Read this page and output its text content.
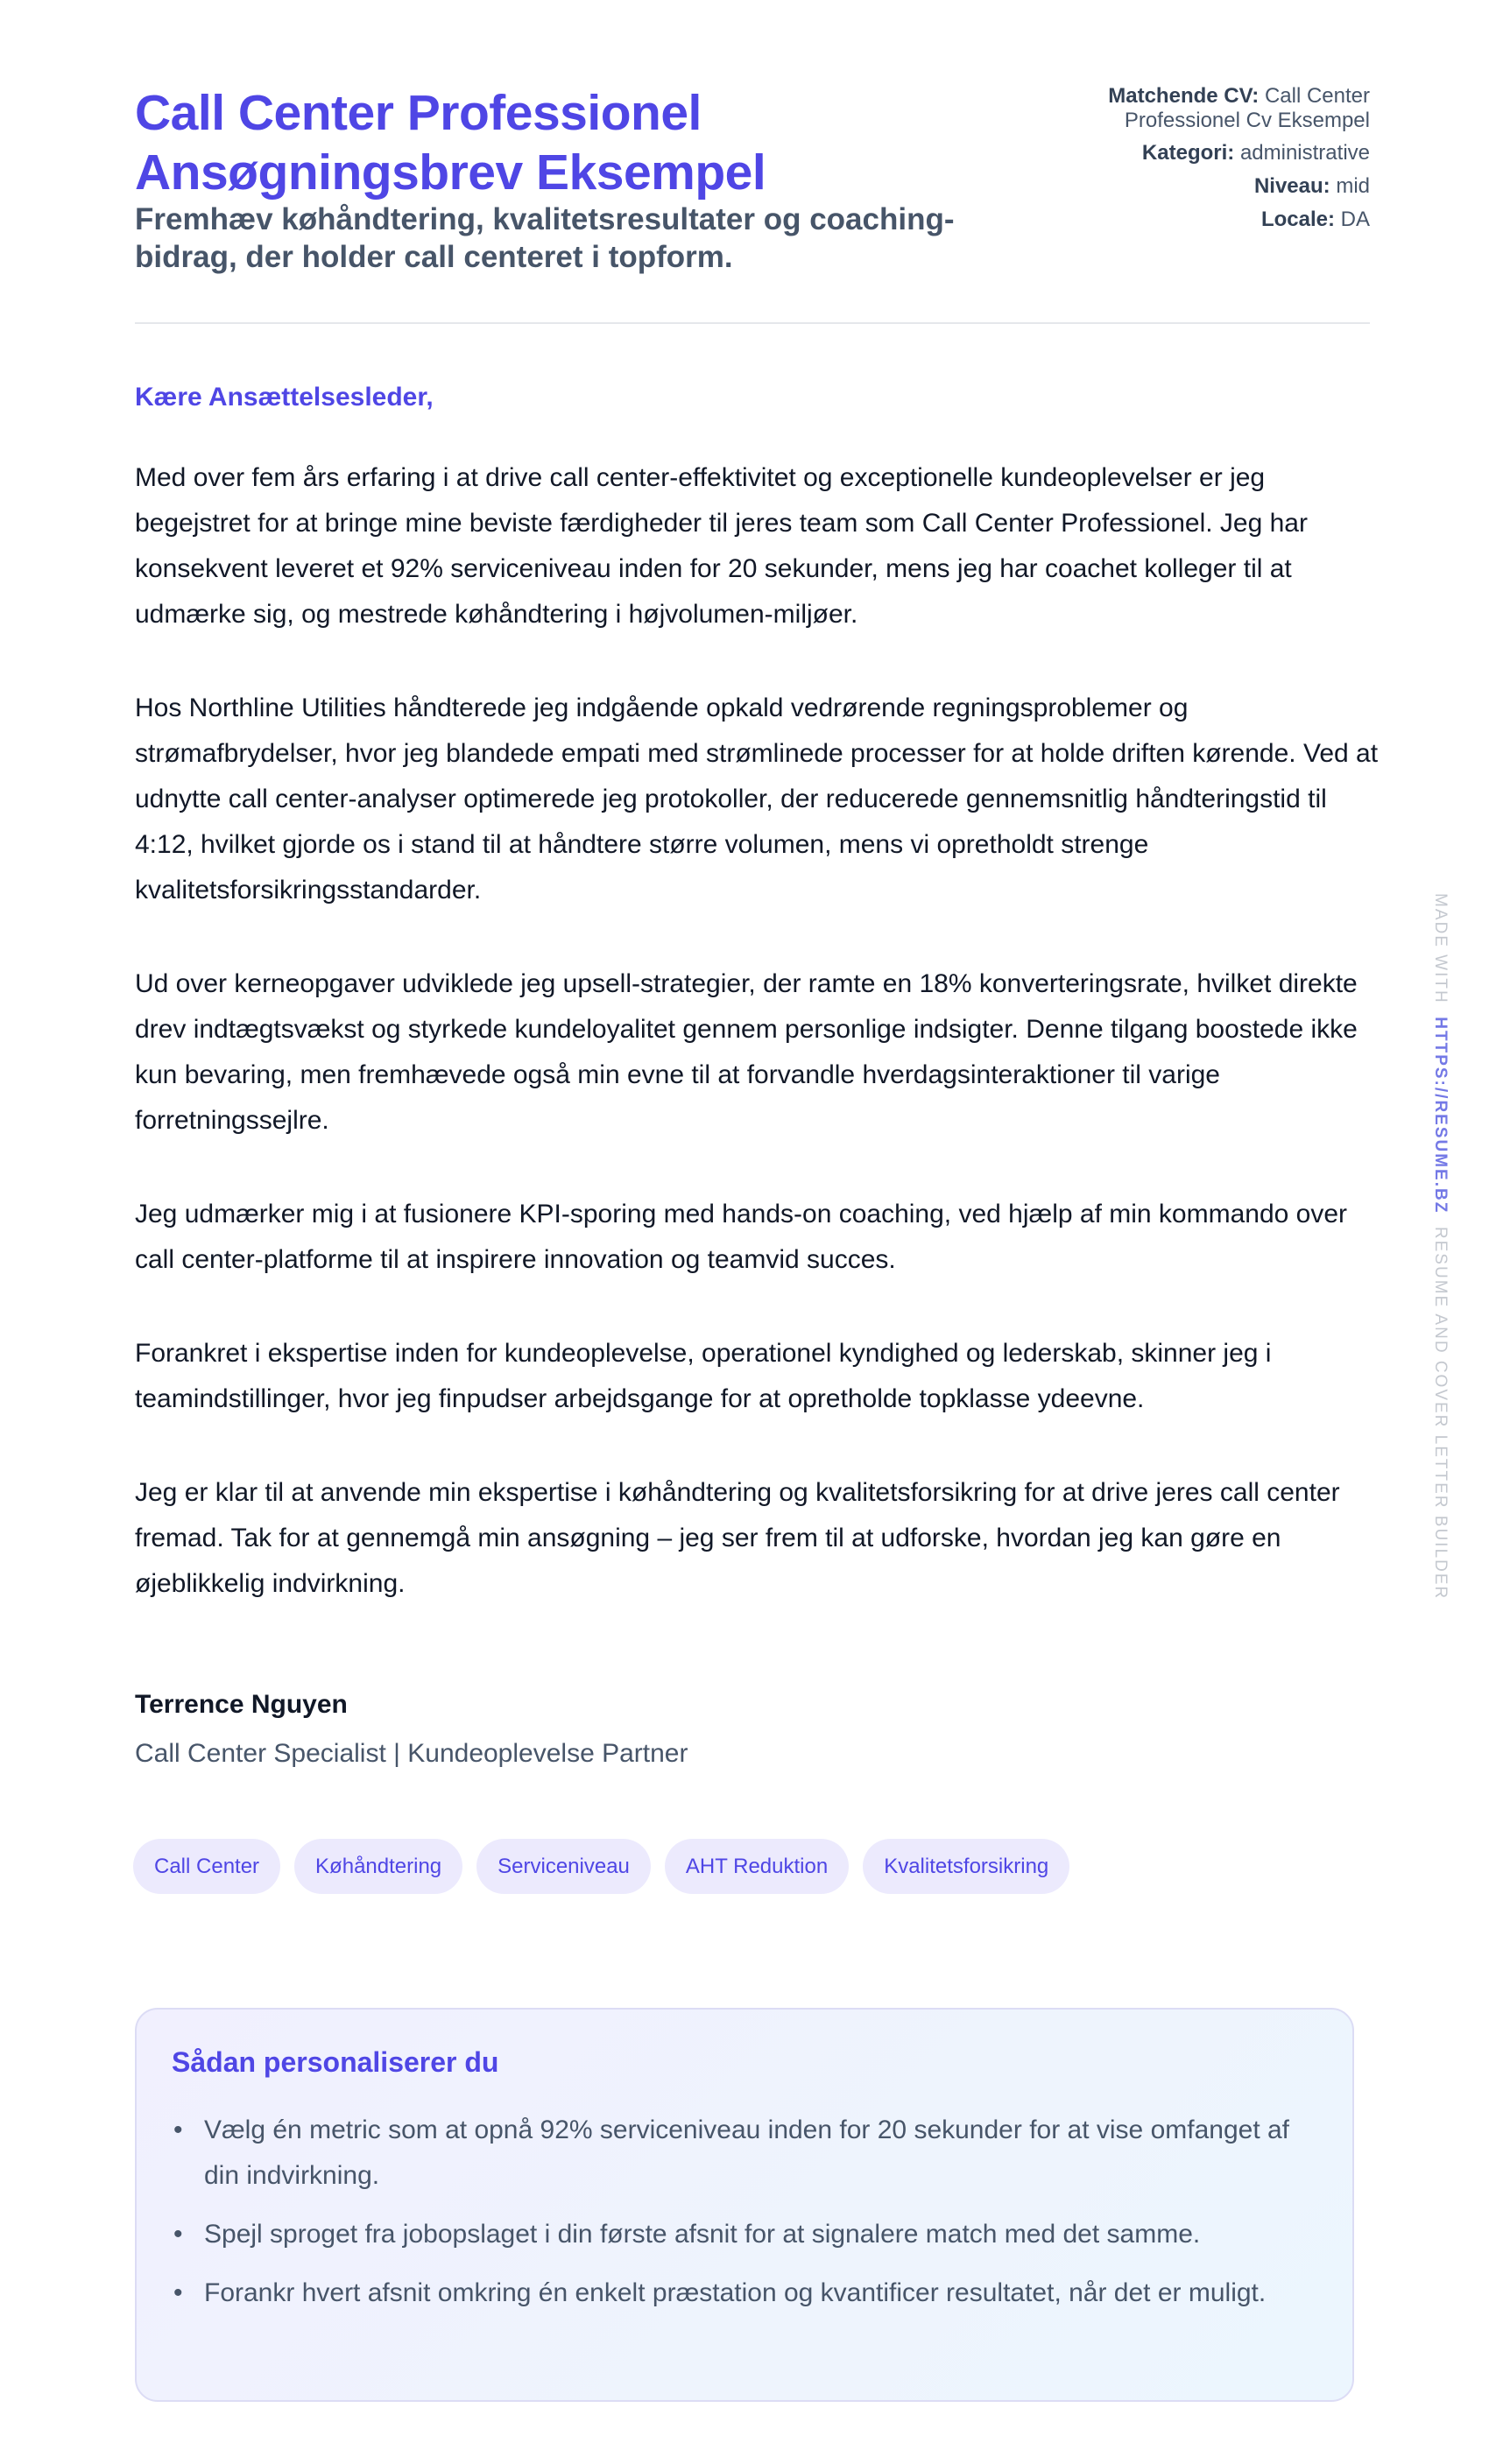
Call Center Professionel Ansøgningsbrev Eksempel
Fremhæv køhåndtering, kvalitetsresultater og coaching-bidrag, der holder call centeret i topform.
Matchende CV: Call Center Professionel Cv Eksempel
Kategori: administrative
Niveau: mid
Locale: DA

Kære Ansættelsesleder,

Med over fem års erfaring i at drive call center-effektivitet og exceptionelle kundeoplevelser er jeg begejstret for at bringe mine beviste færdigheder til jeres team som Call Center Professionel. Jeg har konsekvent leveret et 92% serviceniveau inden for 20 sekunder, mens jeg har coachet kolleger til at udmærke sig, og mestrede køhåndtering i højvolumen-miljøer.

Hos Northline Utilities håndterede jeg indgående opkald vedrørende regningsproblemer og strømafbrydelser, hvor jeg blandede empati med strømlinede processer for at holde driften kørende. Ved at udnytte call center-analyser optimerede jeg protokoller, der reducerede gennemsnitlig håndteringstid til 4:12, hvilket gjorde os i stand til at håndtere større volumen, mens vi opretholdt strenge kvalitetsforsikringsstandarder.

Ud over kerneopgaver udviklede jeg upsell-strategier, der ramte en 18% konverteringsrate, hvilket direkte drev indtægtsvækst og styrkede kundeloyalitet gennem personlige indsigter. Denne tilgang boostede ikke kun bevaring, men fremhævede også min evne til at forvandle hverdagsinteraktioner til varige forretningssejlre.

Jeg udmærker mig i at fusionere KPI-sporing med hands-on coaching, ved hjælp af min kommando over call center-platforme til at inspirere innovation og teamvid succes.

Forankret i ekspertise inden for kundeoplevelse, operationel kyndighed og lederskab, skinner jeg i teamindstillinger, hvor jeg finpudser arbejdsgange for at opretholde topklasse ydeevne.

Jeg er klar til at anvende min ekspertise i køhåndtering og kvalitetsforsikring for at drive jeres call center fremad. Tak for at gennemgå min ansøgning – jeg ser frem til at udforske, hvordan jeg kan gøre en øjeblikkelig indvirkning.

Terrence Nguyen

Call Center Specialist | Kundeoplevelse Partner

Call Center	Køhåndtering	Serviceniveau	AHT Reduktion	Kvalitetsforsikring
Sådan personaliserer du
• Vælg én metric som at opnå 92% serviceniveau inden for 20 sekunder for at vise omfanget af din indvirkning.
• Spejl sproget fra jobopslaget i din første afsnit for at signalere match med det samme.
• Forankr hvert afsnit omkring én enkelt præstation og kvantificer resultatet, når det er muligt.
MADE WITH  HTTPS://RESUME.BZ  RESUME AND COVER LETTER BUILDER
